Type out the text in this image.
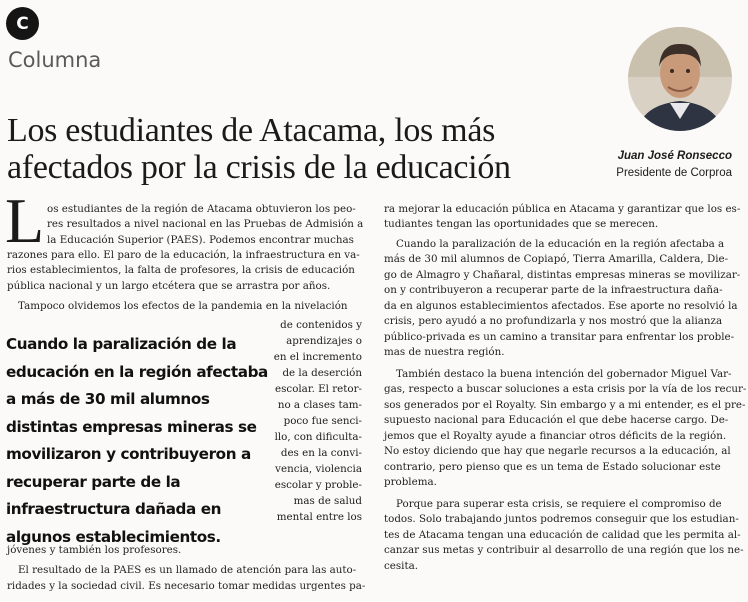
C
Columna
Los estudiantes de Atacama, los más afectados por la crisis de la educación	Juan José Ronsecco
Presidente de Corproa
L os estudiantes de la región de Atacama obtuvieron los peo-

res resultados a nivel nacional en las Pruebas de Admisión a

la Educación Superior (PAES). Podemos encontrar muchas

razones para ello. El paro de la educación, la infraestructura en va-

rios establecimientos, la falta de profesores, la crisis de educación

pública nacional y un largo etcétera que se arrastra por años.

Tampoco olvidemos los efectos de la pandemia en la nivelación

de contenidos y

aprendizajes o

en el incremento

de la deserción

escolar. El retor-

no a clases tam-

poco fue senci-

llo, con dificulta-

des en la convi-

vencia, violencia

escolar y proble-

mas de salud

mental entre los

Cuando la paralización de la educación en la región afectaba a más de 30 mil alumnos distintas empresas mineras se movilizaron y contribuyeron a recuperar parte de la infraestructura dañada en algunos establecimientos.

jóvenes y también los profesores.

El resultado de la PAES es un llamado de atención para las auto-

ridades y la sociedad civil. Es necesario tomar medidas urgentes pa-

ra mejorar la educación pública en Atacama y garantizar que los es-

tudiantes tengan las oportunidades que se merecen.

Cuando la paralización de la educación en la región afectaba a

más de 30 mil alumnos de Copiapó, Tierra Amarilla, Caldera, Die-

go de Almagro y Chañaral, distintas empresas mineras se movilizar-

on y contribuyeron a recuperar parte de la infraestructura daña-

da en algunos establecimientos afectados. Ese aporte no resolvió la

crisis, pero ayudó a no profundizarla y nos mostró que la alianza

público-privada es un camino a transitar para enfrentar los proble-

mas de nuestra región.

También destaco la buena intención del gobernador Miguel Var-

gas, respecto a buscar soluciones a esta crisis por la vía de los recur-

sos generados por el Royalty. Sin embargo y a mi entender, es el pre-

supuesto nacional para Educación el que debe hacerse cargo. De-

jemos que el Royalty ayude a financiar otros déficits de la región.

No estoy diciendo que hay que negarle recursos a la educación, al

contrario, pero pienso que es un tema de Estado solucionar este

problema.

Porque para superar esta crisis, se requiere el compromiso de

todos. Solo trabajando juntos podremos conseguir que los estudian-

tes de Atacama tengan una educación de calidad que les permita al-

canzar sus metas y contribuir al desarrollo de una región que los ne-

cesita.
